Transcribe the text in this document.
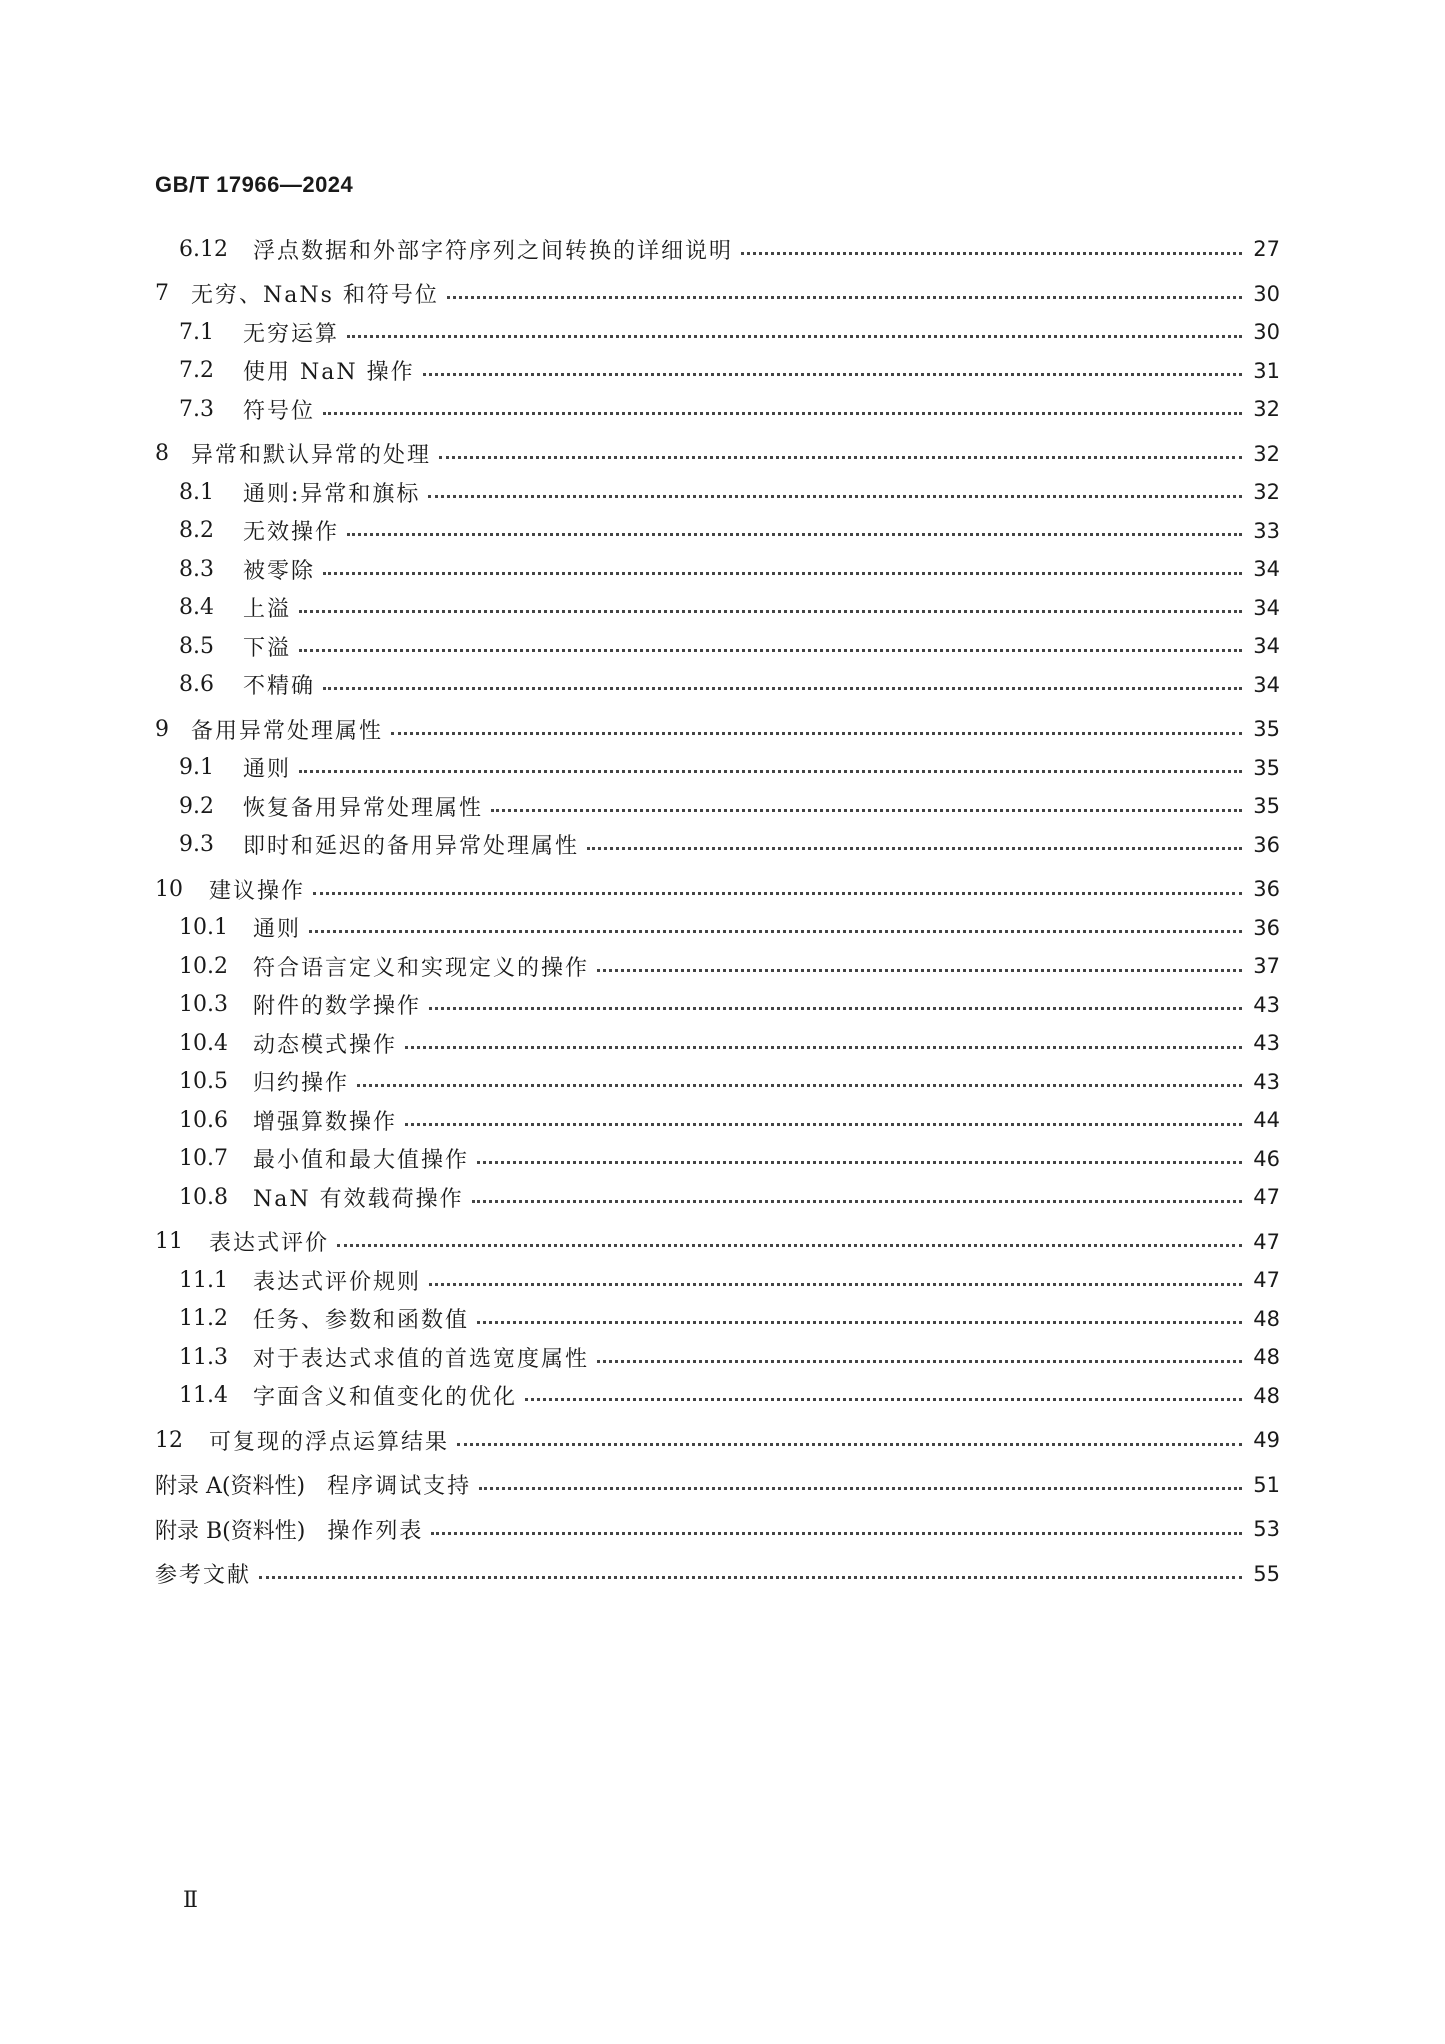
GB/T 17966—2024
6.12	浮点数据和外部字符序列之间转换的详细说明	27
7	无穷、NaNs 和符号位	30
7.1	无穷运算	30
7.2	使用 NaN 操作	31
7.3	符号位	32
8	异常和默认异常的处理	32
8.1	通则:异常和旗标	32
8.2	无效操作	33
8.3	被零除	34
8.4	上溢	34
8.5	下溢	34
8.6	不精确	34
9	备用异常处理属性	35
9.1	通则	35
9.2	恢复备用异常处理属性	35
9.3	即时和延迟的备用异常处理属性	36
10	建议操作	36
10.1	通则	36
10.2	符合语言定义和实现定义的操作	37
10.3	附件的数学操作	43
10.4	动态模式操作	43
10.5	归约操作	43
10.6	增强算数操作	44
10.7	最小值和最大值操作	46
10.8	NaN 有效载荷操作	47
11	表达式评价	47
11.1	表达式评价规则	47
11.2	任务、参数和函数值	48
11.3	对于表达式求值的首选宽度属性	48
11.4	字面含义和值变化的优化	48
12	可复现的浮点运算结果	49
附录 A(资料性) 程序调试支持	51
附录 B(资料性) 操作列表	53
参考文献	55
Ⅱ
